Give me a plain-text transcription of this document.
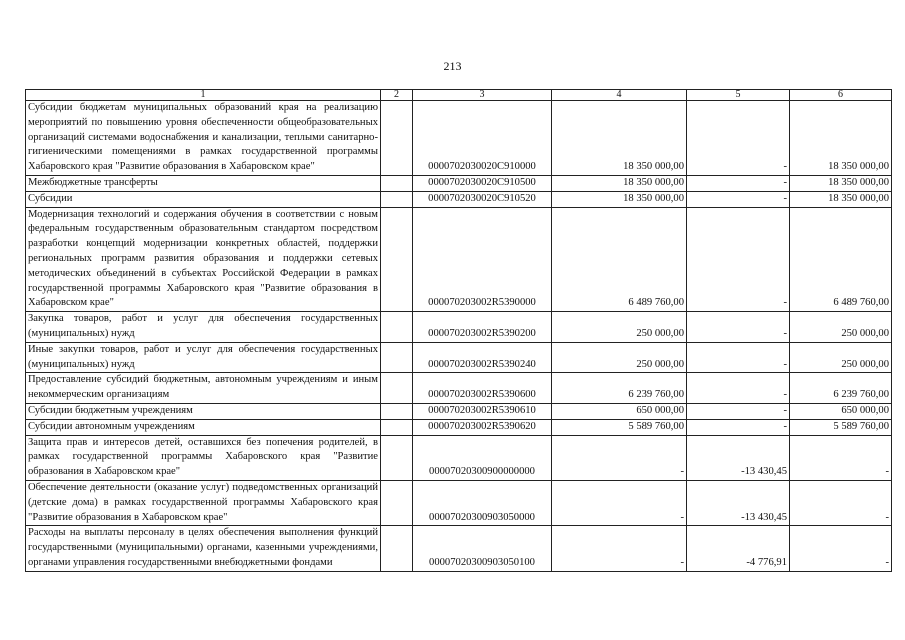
213
1	2	3	4	5	6
Субсидии бюджетам муниципальных образований края на реализацию мероприятий по повышению уровня обеспеченности общеобразовательных организаций системами водоснабжения и канализации, теплыми санитарно-гигиеническими помещениями в рамках государственной программы Хабаровского края "Развитие образования в Хабаровском крае"		0000702030020С910000	18 350 000,00	-	18 350 000,00
Межбюджетные трансферты		0000702030020С910500	18 350 000,00	-	18 350 000,00
Субсидии		0000702030020С910520	18 350 000,00	-	18 350 000,00
Модернизация технологий и содержания обучения в соответствии с новым федеральным государственным образовательным стандартом посредством разработки концепций модернизации конкретных областей, поддержки региональных программ развития образования и поддержки сетевых методических объединений в субъектах Российской Федерации в рамках государственной программы Хабаровского края "Развитие образования в Хабаровском крае"		000070203002R5390000	6 489 760,00	-	6 489 760,00
Закупка товаров, работ и услуг для обеспечения государственных (муниципальных) нужд		000070203002R5390200	250 000,00	-	250 000,00
Иные закупки товаров, работ и услуг для обеспечения государственных (муниципальных) нужд		000070203002R5390240	250 000,00	-	250 000,00
Предоставление субсидий бюджетным, автономным учреждениям и иным некоммерческим организациям		000070203002R5390600	6 239 760,00	-	6 239 760,00
Субсидии бюджетным учреждениям		000070203002R5390610	650 000,00	-	650 000,00
Субсидии автономным учреждениям		000070203002R5390620	5 589 760,00	-	5 589 760,00
Защита прав и интересов детей, оставшихся без попечения родителей, в рамках государственной программы Хабаровского края "Развитие образования в Хабаровском крае"		00007020300900000000	-	-13 430,45	-
Обеспечение деятельности (оказание услуг) подведомственных организаций (детские дома) в рамках государственной программы Хабаровского края "Развитие образования в Хабаровском крае"		00007020300903050000	-	-13 430,45	-
Расходы на выплаты персоналу в целях обеспечения выполнения функций государственными (муниципальными) органами, казенными учреждениями, органами управления государственными внебюджетными фондами		00007020300903050100	-	-4 776,91	-
